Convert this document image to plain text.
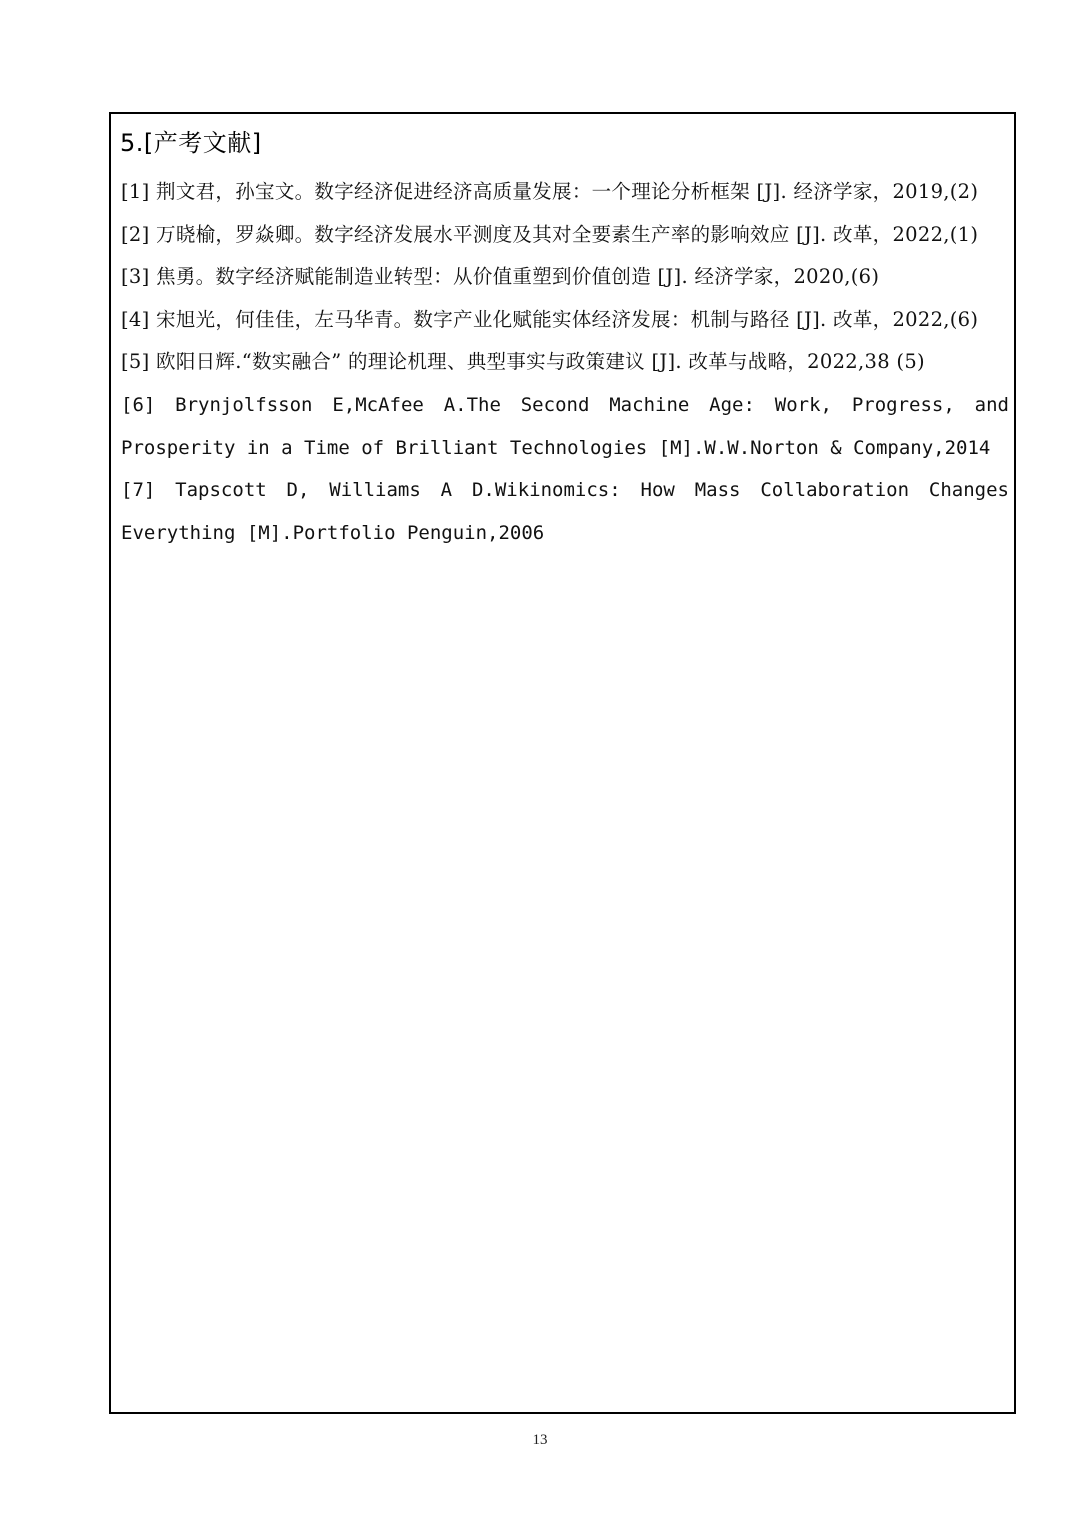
5.[产考文献]
[1] 荆文君，孙宝文。数字经济促进经济高质量发展：一个理论分析框架 [J]. 经济学家，2019,(2)
[2] 万晓榆，罗焱卿。数字经济发展水平测度及其对全要素生产率的影响效应 [J]. 改革，2022,(1)
[3] 焦勇。数字经济赋能制造业转型：从价值重塑到价值创造 [J]. 经济学家，2020,(6)
[4] 宋旭光，何佳佳，左马华青。数字产业化赋能实体经济发展：机制与路径 [J]. 改革，2022,(6)
[5] 欧阳日辉.“数实融合” 的理论机理、典型事实与政策建议 [J]. 改革与战略，2022,38 (5)
[6] Brynjolfsson E,McAfee A.The Second Machine Age: Work, Progress, and Prosperity in a Time of Brilliant Technologies [M].W.W.Norton & Company,2014
[7] Tapscott D, Williams A D.Wikinomics: How Mass Collaboration Changes Everything [M].Portfolio Penguin,2006
13
